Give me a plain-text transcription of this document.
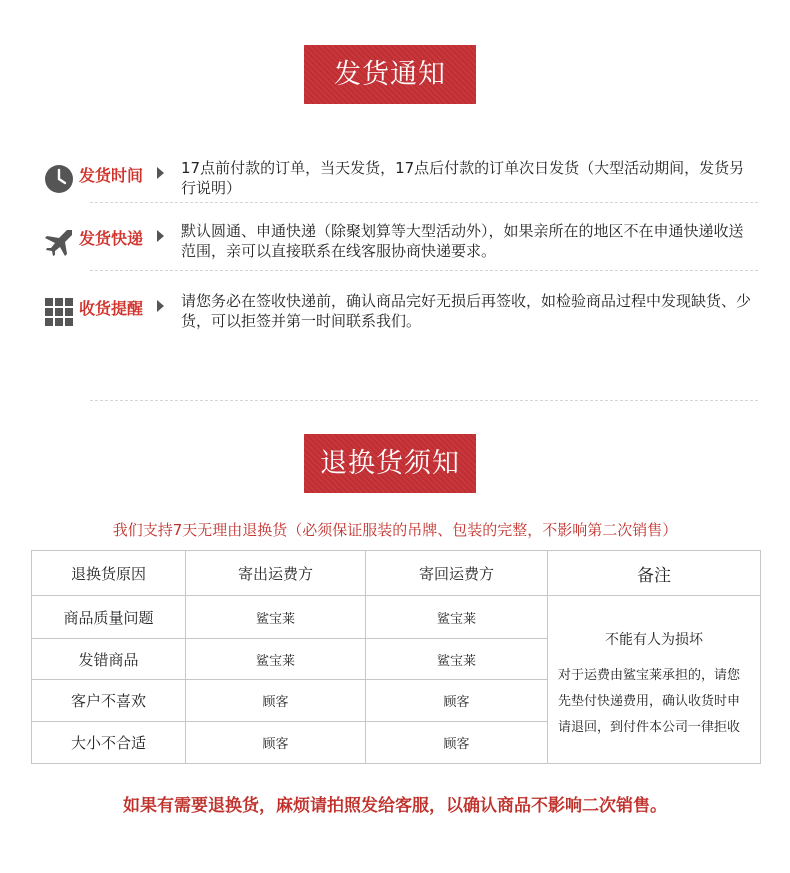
发货通知
发货时间	17点前付款的订单，当天发货，17点后付款的订单次日发货（大型活动期间，发货另行说明）
发货快递	默认圆通、申通快递（除聚划算等大型活动外），如果亲所在的地区不在申通快递收送范围，亲可以直接联系在线客服协商快递要求。
收货提醒	请您务必在签收快递前，确认商品完好无损后再签收，如检验商品过程中发现缺货、少货，可以拒签并第一时间联系我们。
退换货须知
我们支持7天无理由退换货（必须保证服装的吊牌、包装的完整，不影响第二次销售）
退换货原因	寄出运费方	寄回运费方	备注
商品质量问题	鲨宝莱	鲨宝莱	不能有人为损坏
对于运费由鲨宝莱承担的，请您先垫付快递费用，确认收货时申请退回，到付件本公司一律拒收

发错商品	鲨宝莱	鲨宝莱	
客户不喜欢	顾客	顾客	
大小不合适	顾客	顾客	
如果有需要退换货，麻烦请拍照发给客服，以确认商品不影响二次销售。
